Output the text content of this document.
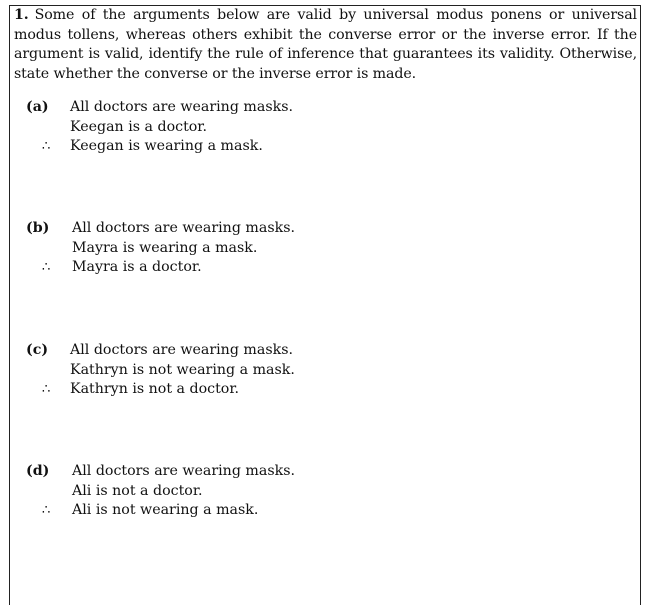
1. Some of the arguments below are valid by universal modus ponens or universal modus tollens, whereas others exhibit the converse error or the inverse error. If the argument is valid, identify the rule of inference that guarantees its validity. Otherwise, state whether the converse or the inverse error is made.
(a) All doctors are wearing masks.
Keegan is a doctor.
∴ Keegan is wearing a mask.
(b) All doctors are wearing masks.
Mayra is wearing a mask.
∴ Mayra is a doctor.
(c) All doctors are wearing masks.
Kathryn is not wearing a mask.
∴ Kathryn is not a doctor.
(d) All doctors are wearing masks.
Ali is not a doctor.
∴ Ali is not wearing a mask.
